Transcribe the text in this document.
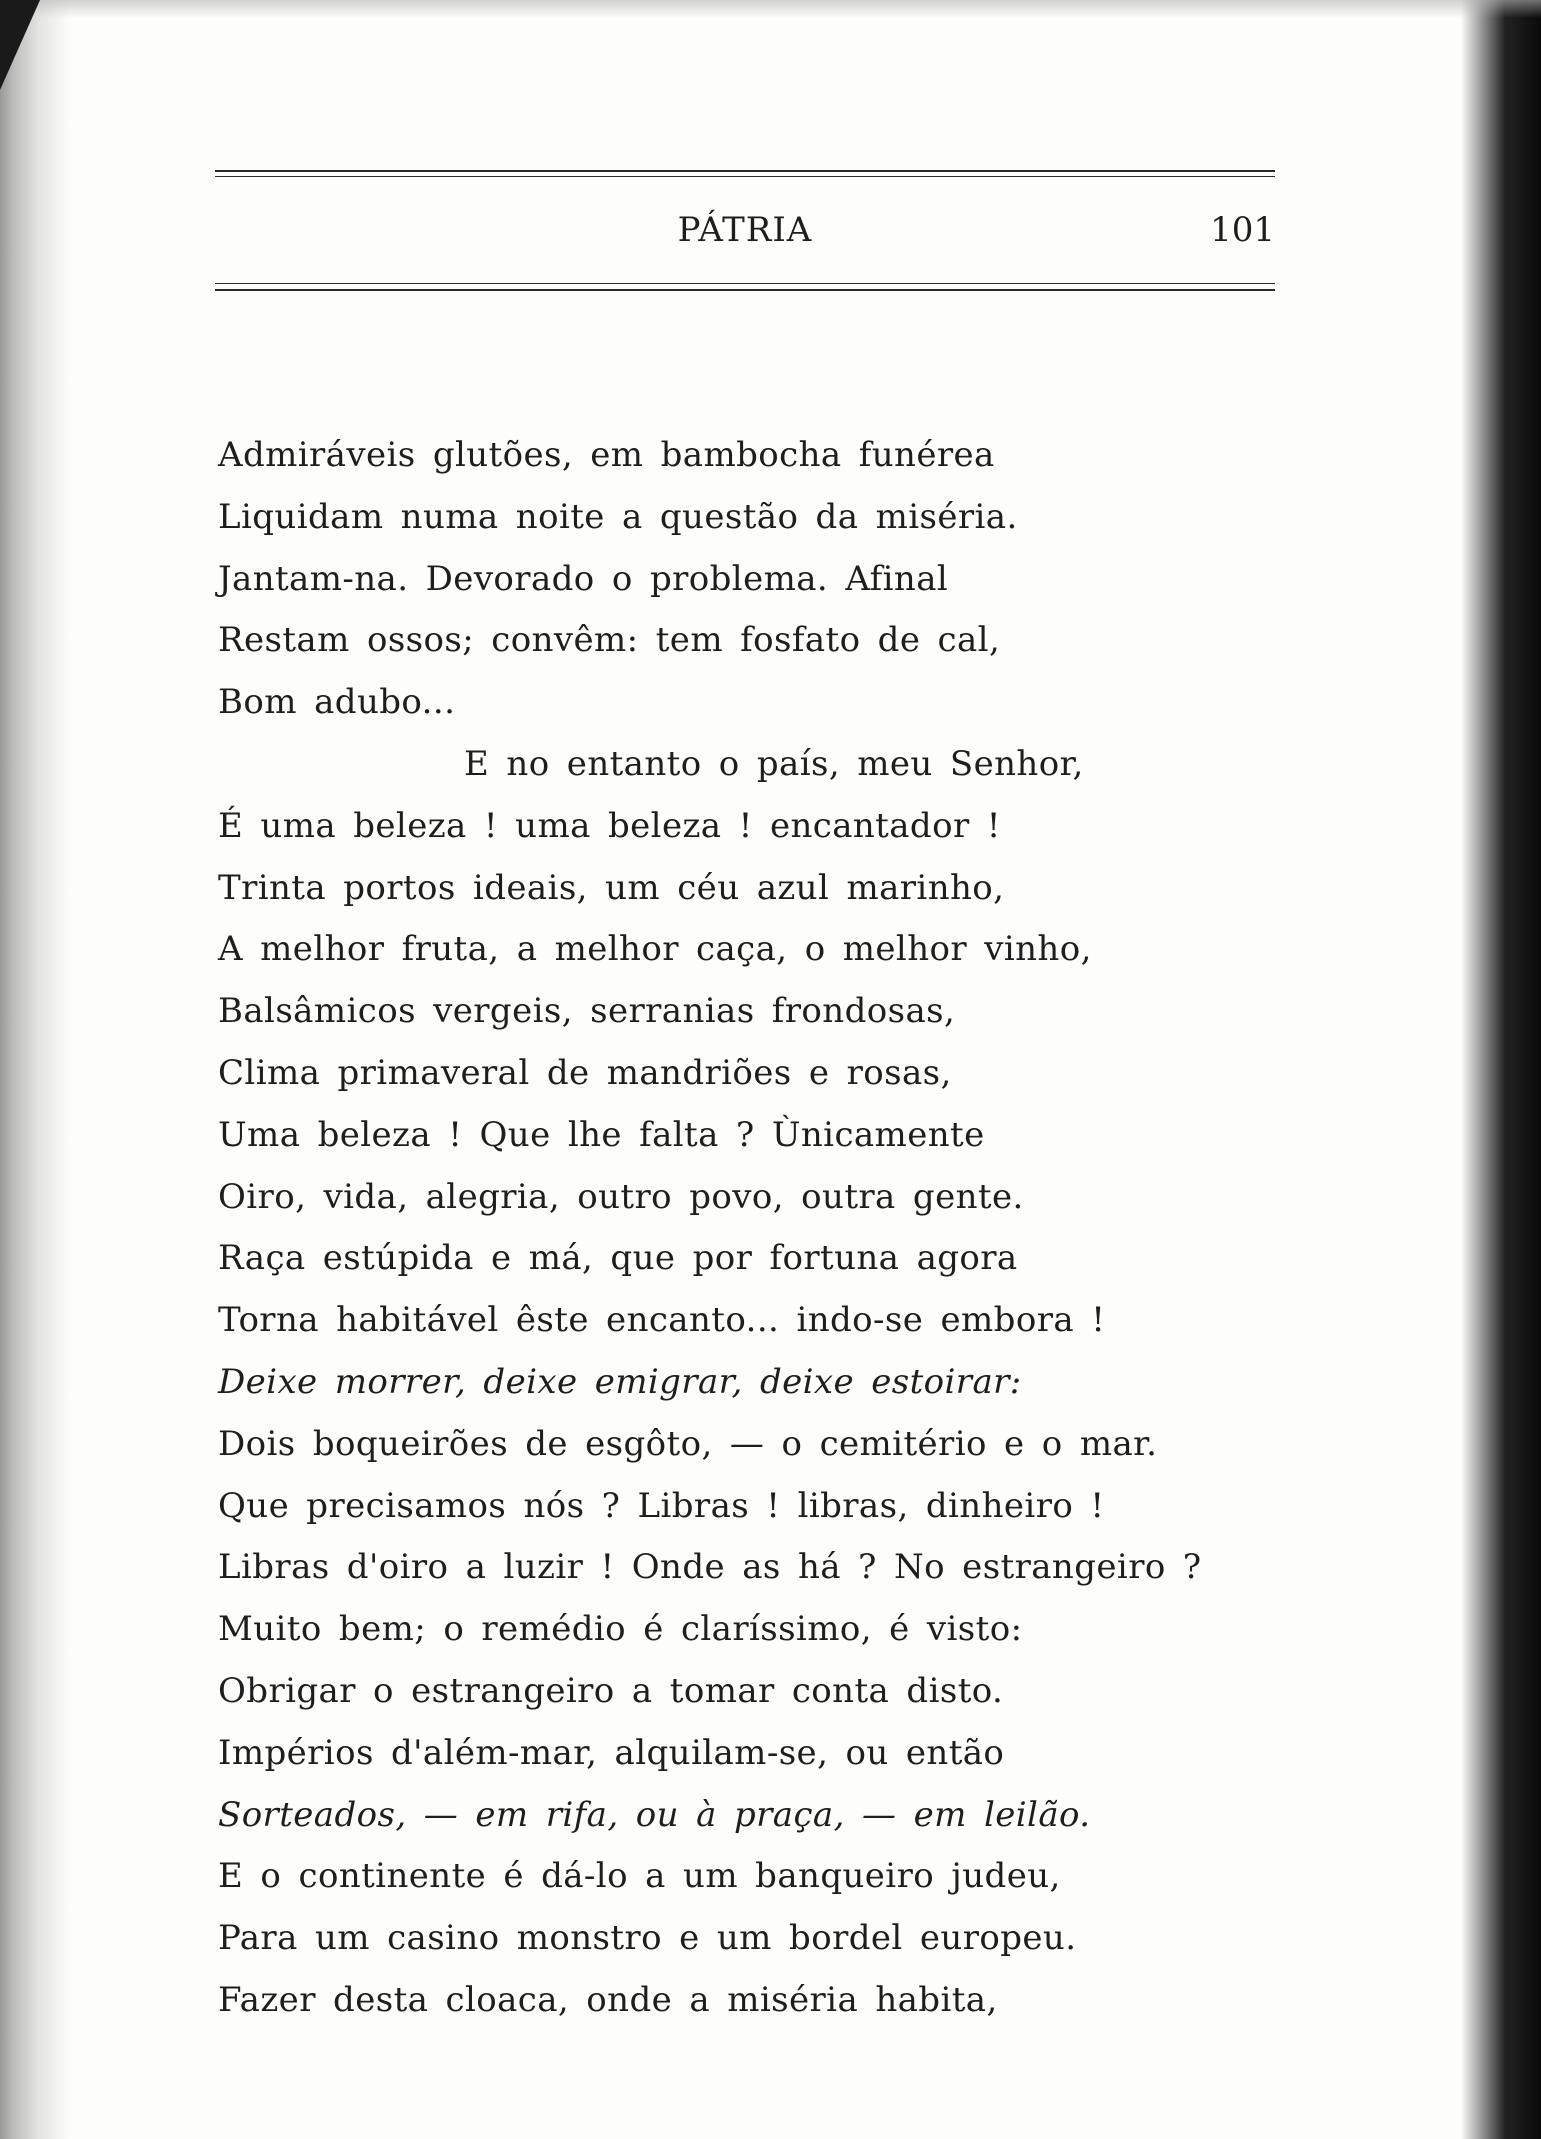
PÁTRIA	101
Admiráveis glutões, em bambocha funérea
Liquidam numa noite a questão da miséria.
Jantam-na. Devorado o problema. Afinal
Restam ossos; convêm: tem fosfato de cal,
Bom adubo...
E no entanto o país, meu Senhor,
É uma beleza ! uma beleza ! encantador !
Trinta portos ideais, um céu azul marinho,
A melhor fruta, a melhor caça, o melhor vinho,
Balsâmicos vergeis, serranias frondosas,
Clima primaveral de mandriões e rosas,
Uma beleza ! Que lhe falta ? Ùnicamente
Oiro, vida, alegria, outro povo, outra gente.
Raça estúpida e má, que por fortuna agora
Torna habitável êste encanto... indo-se embora !
Deixe morrer, deixe emigrar, deixe estoirar:
Dois boqueirões de esgôto, — o cemitério e o mar.
Que precisamos nós ? Libras ! libras, dinheiro !
Libras d'oiro a luzir ! Onde as há ? No estrangeiro ?
Muito bem; o remédio é claríssimo, é visto:
Obrigar o estrangeiro a tomar conta disto.
Impérios d'além-mar, alquilam-se, ou então
Sorteados, — em rifa, ou à praça, — em leilão.
E o continente é dá-lo a um banqueiro judeu,
Para um casino monstro e um bordel europeu.
Fazer desta cloaca, onde a miséria habita,
